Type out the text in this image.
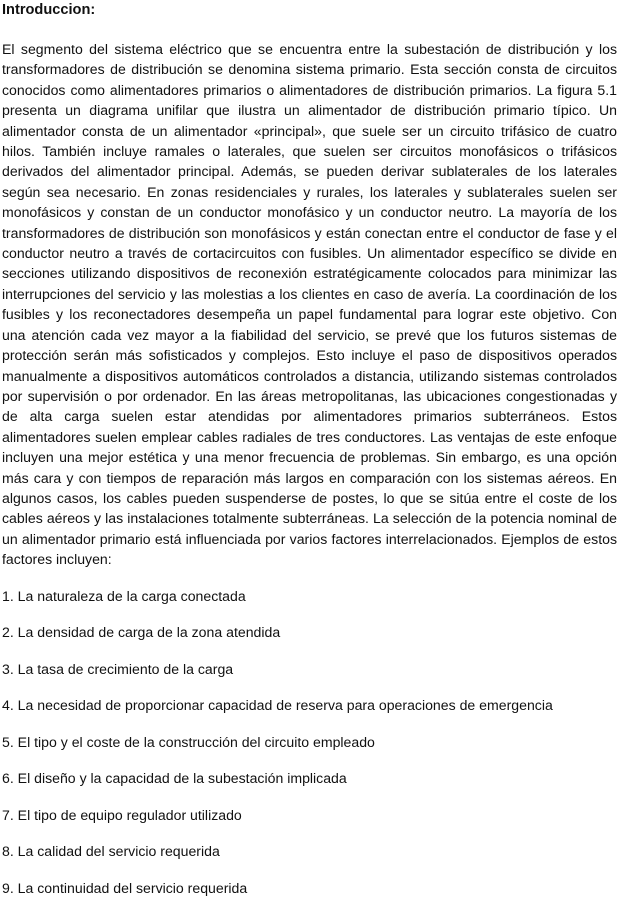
Introduccion:

El segmento del sistema eléctrico que se encuentra entre la subestación de distribución y los transformadores de distribución se denomina sistema primario. Esta sección consta de circuitos conocidos como alimentadores primarios o alimentadores de distribución primarios. La figura 5.1 presenta un diagrama unifilar que ilustra un alimentador de distribución primario típico. Un alimentador consta de un alimentador «principal», que suele ser un circuito trifásico de cuatro hilos. También incluye ramales o laterales, que suelen ser circuitos monofásicos o trifásicos derivados del alimentador principal. Además, se pueden derivar sublaterales de los laterales según sea necesario. En zonas residenciales y rurales, los laterales y sublaterales suelen ser monofásicos y constan de un conductor monofásico y un conductor neutro. La mayoría de los transformadores de distribución son monofásicos y están conectan entre el conductor de fase y el conductor neutro a través de cortacircuitos con fusibles. Un alimentador específico se divide en secciones utilizando dispositivos de reconexión estratégicamente colocados para minimizar las interrupciones del servicio y las molestias a los clientes en caso de avería. La coordinación de los fusibles y los reconectadores desempeña un papel fundamental para lograr este objetivo. Con una atención cada vez mayor a la fiabilidad del servicio, se prevé que los futuros sistemas de protección serán más sofisticados y complejos. Esto incluye el paso de dispositivos operados manualmente a dispositivos automáticos controlados a distancia, utilizando sistemas controlados por supervisión o por ordenador. En las áreas metropolitanas, las ubicaciones congestionadas y de alta carga suelen estar atendidas por alimentadores primarios subterráneos. Estos alimentadores suelen emplear cables radiales de tres conductores. Las ventajas de este enfoque incluyen una mejor estética y una menor frecuencia de problemas. Sin embargo, es una opción más cara y con tiempos de reparación más largos en comparación con los sistemas aéreos. En algunos casos, los cables pueden suspenderse de postes, lo que se sitúa entre el coste de los cables aéreos y las instalaciones totalmente subterráneas. La selección de la potencia nominal de un alimentador primario está influenciada por varios factores interrelacionados. Ejemplos de estos factores incluyen:

1. La naturaleza de la carga conectada
2. La densidad de carga de la zona atendida
3. La tasa de crecimiento de la carga
4. La necesidad de proporcionar capacidad de reserva para operaciones de emergencia
5. El tipo y el coste de la construcción del circuito empleado
6. El diseño y la capacidad de la subestación implicada
7. El tipo de equipo regulador utilizado
8. La calidad del servicio requerida
9. La continuidad del servicio requerida
